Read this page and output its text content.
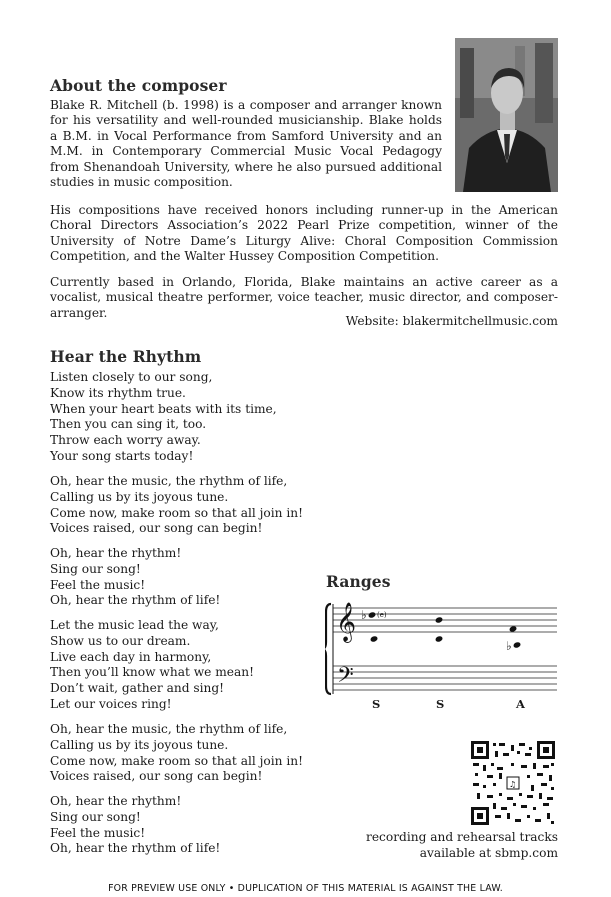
About the composer

Blake R. Mitchell (b. 1998) is a composer and arranger known for his versatility and well-rounded musicianship. Blake holds a B.M. in Vocal Performance from Samford University and an M.M. in Contemporary Commercial Music Vocal Pedagogy from Shenandoah University, where he also pursued additional studies in music composition.

His compositions have received honors including runner-up in the American Choral Directors Association’s 2022 Pearl Prize competition, winner of the University of Notre Dame’s Liturgy Alive: Choral Composition Commission Competition, and the Walter Hussey Composition Competition.

Currently based in Orlando, Florida, Blake maintains an active career as a vocalist, musical theatre performer, voice teacher, music director, and composer-arranger.

Website: blakermitchellmusic.com
Hear the Rhythm
Listen closely to our song,
Know its rhythm true.
When your heart beats with its time,
Then you can sing it, too.
Throw each worry away.
Your song starts today!
Oh, hear the music, the rhythm of life,
Calling us by its joyous tune.
Come now, make room so that all join in!
Voices raised, our song can begin!
Oh, hear the rhythm!
Sing our song!
Feel the music!
Oh, hear the rhythm of life!
Let the music lead the way,
Show us to our dream.
Live each day in harmony,
Then you’ll know what we mean!
Don’t wait, gather and sing!
Let our voices ring!
Oh, hear the music, the rhythm of life,
Calling us by its joyous tune.
Come now, make room so that all join in!
Voices raised, our song can begin!
Oh, hear the rhythm!
Sing our song!
Feel the music!
Oh, hear the rhythm of life!
Ranges
𝄞
𝄢
♭ (e)
♭
S	S	A
♫
recording and rehearsal tracks
available at sbmp.com
FOR PREVIEW USE ONLY • DUPLICATION OF THIS MATERIAL IS AGAINST THE LAW.
